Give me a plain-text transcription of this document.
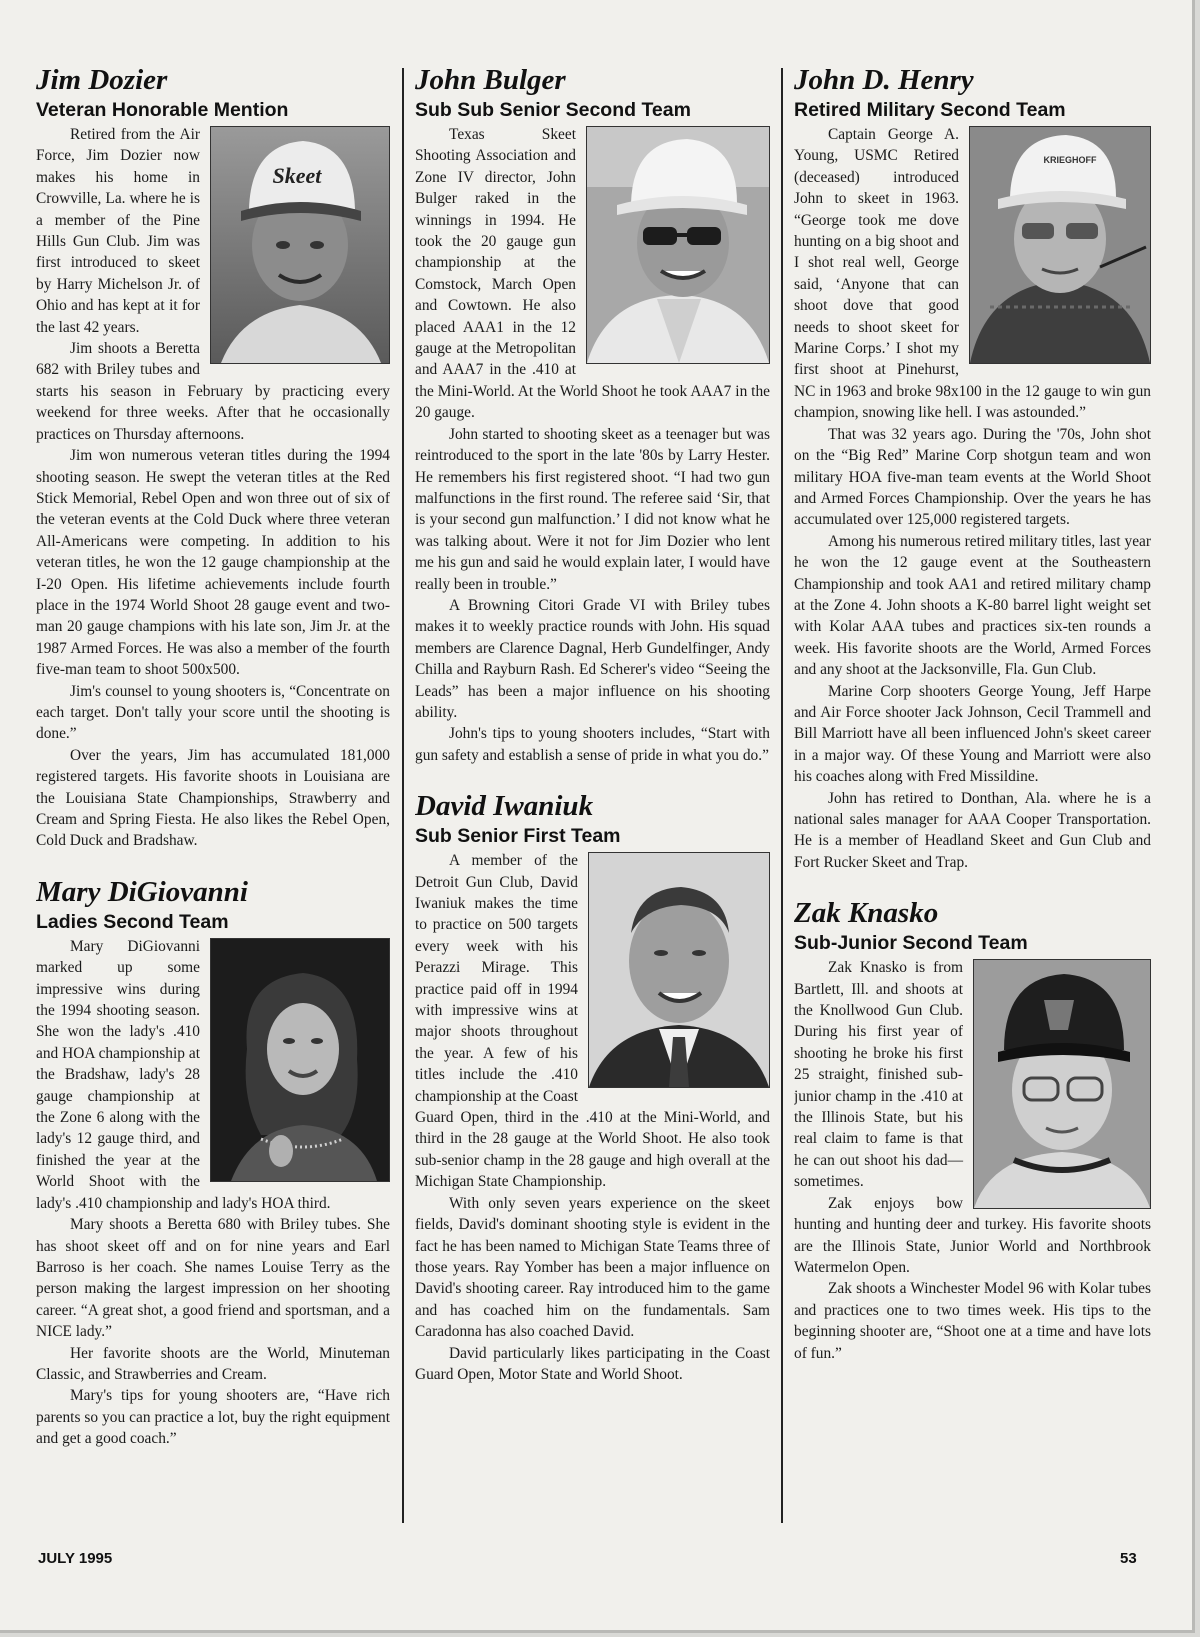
Jim Dozier
Veteran Honorable Mention
Skeet

Retired from the Air Force, Jim Dozier now makes his home in Crowville, La. where he is a member of the Pine Hills Gun Club. Jim was first introduced to skeet by Harry Michelson Jr. of Ohio and has kept at it for the last 42 years.

Jim shoots a Beretta 682 with Briley tubes and starts his season in February by practicing every weekend for three weeks. After that he occasionally practices on Thursday afternoons.

Jim won numerous veteran titles during the 1994 shooting season. He swept the veteran titles at the Red Stick Memorial, Rebel Open and won three out of six of the veteran events at the Cold Duck where three veteran All-Americans were competing. In addition to his veteran titles, he won the 12 gauge championship at the I-20 Open. His lifetime achievements include fourth place in the 1974 World Shoot 28 gauge event and two-man 20 gauge champions with his late son, Jim Jr. at the 1987 Armed Forces. He was also a member of the fourth five-man team to shoot 500x500.

Jim's counsel to young shooters is, “Concentrate on each target. Don't tally your score until the shooting is done.”

Over the years, Jim has accumulated 181,000 registered targets. His favorite shoots in Louisiana are the Louisiana State Championships, Strawberry and Cream and Spring Fiesta. He also likes the Rebel Open, Cold Duck and Bradshaw.

Mary DiGiovanni
Ladies Second Team

Mary DiGiovanni marked up some impressive wins during the 1994 shooting season. She won the lady's .410 and HOA championship at the Bradshaw, lady's 28 gauge championship at the Zone 6 along with the lady's 12 gauge third, and finished the year at the World Shoot with the lady's .410 championship and lady's HOA third.

Mary shoots a Beretta 680 with Briley tubes. She has shoot skeet off and on for nine years and Earl Barroso is her coach. She names Louise Terry as the person making the largest impression on her shooting career. “A great shot, a good friend and sportsman, and a NICE lady.”

Her favorite shoots are the World, Minuteman Classic, and Strawberries and Cream.

Mary's tips for young shooters are, “Have rich parents so you can practice a lot, buy the right equipment and get a good coach.”

John Bulger
Sub Sub Senior Second Team

Texas Skeet Shooting Association and Zone IV director, John Bulger raked in the winnings in 1994. He took the 20 gauge gun championship at the Comstock, March Open and Cowtown. He also placed AAA1 in the 12 gauge at the Metropolitan and AAA7 in the .410 at the Mini-World. At the World Shoot he took AAA7 in the 20 gauge.

John started to shooting skeet as a teenager but was reintroduced to the sport in the late '80s by Larry Hester. He remembers his first registered shoot. “I had two gun malfunctions in the first round. The referee said ‘Sir, that is your second gun malfunction.’ I did not know what he was talking about. Were it not for Jim Dozier who lent me his gun and said he would explain later, I would have really been in trouble.”

A Browning Citori Grade VI with Briley tubes makes it to weekly practice rounds with John. His squad members are Clarence Dagnal, Herb Gundelfinger, Andy Chilla and Rayburn Rash. Ed Scherer's video “Seeing the Leads” has been a major influence on his shooting ability.

John's tips to young shooters includes, “Start with gun safety and establish a sense of pride in what you do.”

David Iwaniuk
Sub Senior First Team

A member of the Detroit Gun Club, David Iwaniuk makes the time to practice on 500 targets every week with his Perazzi Mirage. This practice paid off in 1994 with impressive wins at major shoots throughout the year. A few of his titles include the .410 championship at the Coast Guard Open, third in the .410 at the Mini-World, and third in the 28 gauge at the World Shoot. He also took sub-senior champ in the 28 gauge and high overall at the Michigan State Championship.

With only seven years experience on the skeet fields, David's dominant shooting style is evident in the fact he has been named to Michigan State Teams three of those years. Ray Yomber has been a major influence on David's shooting career. Ray introduced him to the game and has coached him on the fundamentals. Sam Caradonna has also coached David.

David particularly likes participating in the Coast Guard Open, Motor State and World Shoot.

John D. Henry
Retired Military Second Team
KRIEGHOFF

Captain George A. Young, USMC Retired (deceased) introduced John to skeet in 1963. “George took me dove hunting on a big shoot and I shot real well, George said, ‘Anyone that can shoot dove that good needs to shoot skeet for Marine Corps.’ I shot my first shoot at Pinehurst, NC in 1963 and broke 98x100 in the 12 gauge to win gun champion, snowing like hell. I was astounded.”

That was 32 years ago. During the '70s, John shot on the “Big Red” Marine Corp shotgun team and won military HOA five-man team events at the World Shoot and Armed Forces Championship. Over the years he has accumulated over 125,000 registered targets.

Among his numerous retired military titles, last year he won the 12 gauge event at the Southeastern Championship and took AA1 and retired military champ at the Zone 4. John shoots a K-80 barrel light weight set with Kolar AAA tubes and practices six-ten rounds a week. His favorite shoots are the World, Armed Forces and any shoot at the Jacksonville, Fla. Gun Club.

Marine Corp shooters George Young, Jeff Harpe and Air Force shooter Jack Johnson, Cecil Trammell and Bill Marriott have all been influenced John's skeet career in a major way. Of these Young and Marriott were also his coaches along with Fred Missildine.

John has retired to Donthan, Ala. where he is a national sales manager for AAA Cooper Transportation. He is a member of Headland Skeet and Gun Club and Fort Rucker Skeet and Trap.

Zak Knasko
Sub-Junior Second Team

Zak Knasko is from Bartlett, Ill. and shoots at the Knollwood Gun Club. During his first year of shooting he broke his first 25 straight, finished sub-junior champ in the .410 at the Illinois State, but his real claim to fame is that he can out shoot his dad—sometimes.

Zak enjoys bow hunting and hunting deer and turkey. His favorite shoots are the Illinois State, Junior World and Northbrook Watermelon Open.

Zak shoots a Winchester Model 96 with Kolar tubes and practices one to two times week. His tips to the beginning shooter are, “Shoot one at a time and have lots of fun.”

JULY 1995	53
